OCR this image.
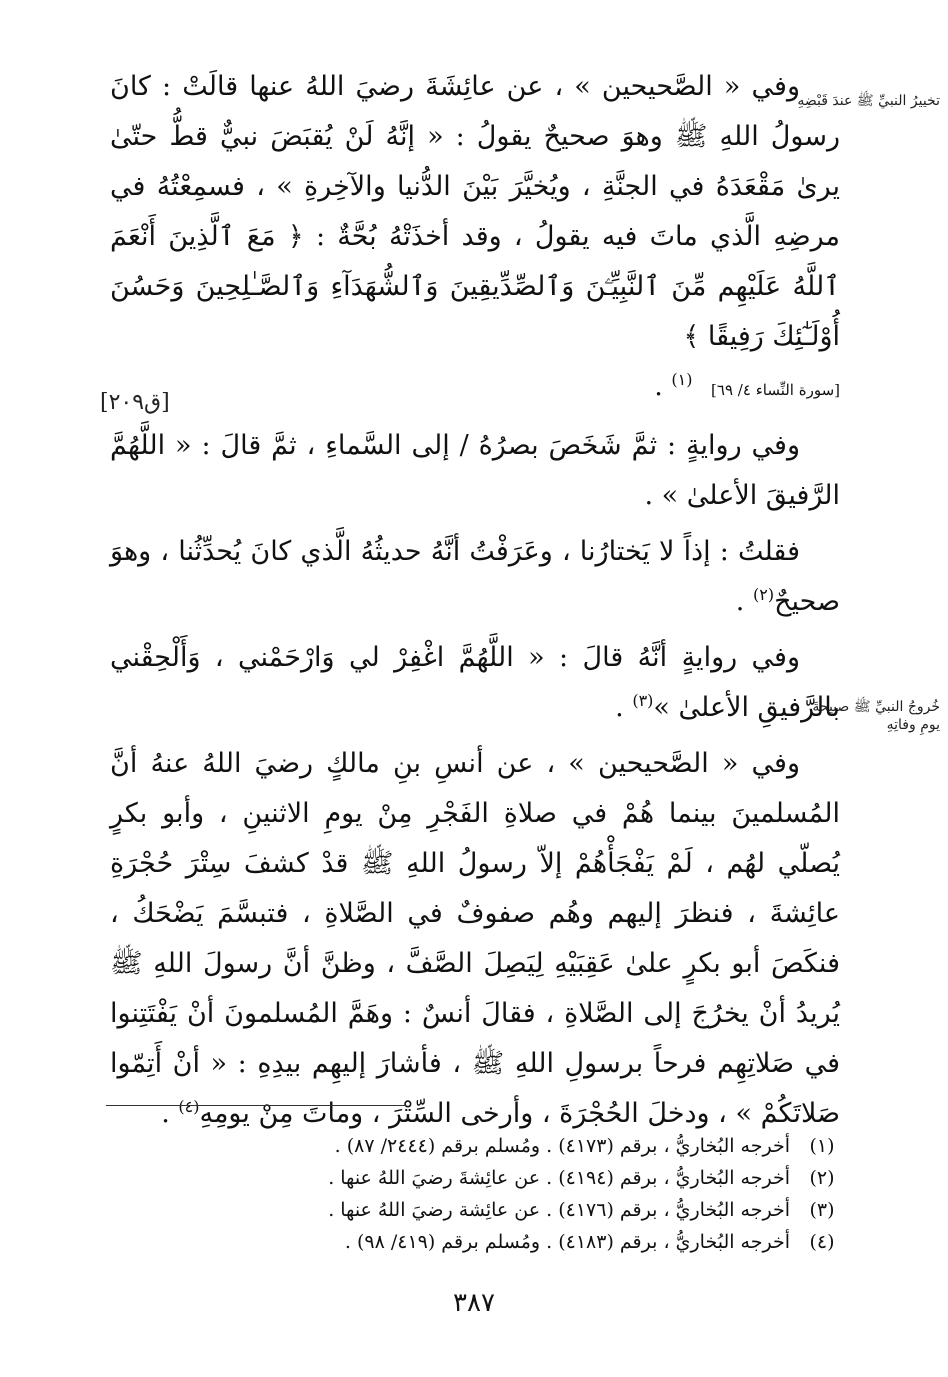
تخييرُ النبيِّ ﷺ عندَ قَبْضِهِ
خُروجُ النبيِّ ﷺ صبيحةَ يومِ وفاتِهِ
[ق٢٠٩]

وفي « الصَّحيحين » ، عن عائِشَةَ رضيَ اللهُ عنها قالَتْ : كانَ رسولُ اللهِ ﷺ وهوَ صحيحٌ يقولُ : « إنَّهُ لَنْ يُقبَضَ نبيٌّ قطُّ حتّىٰ يرىٰ مَقْعَدَهُ في الجنَّةِ ، ويُخيَّرَ بَيْنَ الدُّنيا والآخِرةِ » ، فسمِعْتُهُ في مرضِهِ الَّذي ماتَ فيه يقولُ ، وقد أخذَتْهُ بُحَّةٌ : ﴿ مَعَ ٱلَّذِينَ أَنْعَمَ ٱللَّهُ عَلَيْهِم مِّنَ ٱلنَّبِيِّـۧنَ وَٱلصِّدِّيقِينَ وَٱلشُّهَدَآءِ وَٱلصَّـٰلِحِينَ وَحَسُنَ أُوْلَـٰٓئِكَ رَفِيقًا ﴾
[سورة النِّساء ٤/ ٦٩] $^{(١)}$ .

وفي روايةٍ : ثمَّ شَخَصَ بصرُهُ / إلى السَّماءِ ، ثمَّ قالَ : « اللَّهُمَّ الرَّفيقَ الأعلىٰ » .

فقلتُ : إذاً لا يَختارُنا ، وعَرَفْتُ أنَّهُ حديثُهُ الَّذي كانَ يُحدِّثُنا ، وهوَ صحيحٌ$^{(٢)}$ .

وفي روايةٍ أنَّهُ قالَ : « اللَّهُمَّ اغْفِرْ لي وَارْحَمْني ، وَأَلْحِقْني بالرَّفيقِ الأعلىٰ »$^{(٣)}$ .

وفي « الصَّحيحين » ، عن أنسِ بنِ مالكٍ رضيَ اللهُ عنهُ أنَّ المُسلمينَ بينما هُمْ في صلاةِ الفَجْرِ مِنْ يومِ الاثنينِ ، وأبو بكرٍ يُصلّي لهُم ، لَمْ يَفْجَأْهُمْ إلاّ رسولُ اللهِ ﷺ قدْ كشفَ سِتْرَ حُجْرَةِ عائِشةَ ، فنظرَ إليهم وهُم صفوفٌ في الصَّلاةِ ، فتبسَّمَ يَضْحَكُ ، فنكَصَ أبو بكرٍ علىٰ عَقِبَيْهِ لِيَصِلَ الصَّفَّ ، وظنَّ أنَّ رسولَ اللهِ ﷺ يُريدُ أنْ يخرُجَ إلى الصَّلاةِ ، فقالَ أنسٌ : وهَمَّ المُسلمونَ أنْ يَفْتَتِنوا في صَلاتِهِم فرحاً برسولِ اللهِ ﷺ ، فأشارَ إليهِم بيدِهِ : « أنْ أَتِمّوا صَلاتَكُمْ » ، ودخلَ الحُجْرَةَ ، وأرخى السِّتْرَ ، وماتَ مِنْ يومِهِ$^{(٤)}$ .

(١)
أخرجه البُخاريُّ ، برقم (٤١٧٣) . ومُسلم برقم (٢٤٤٤/ ٨٧) .
(٢)
أخرجه البُخاريُّ ، برقم (٤١٩٤) . عن عائِشةَ رضيَ اللهُ عنها .
(٣)
أخرجه البُخاريُّ ، برقم (٤١٧٦) . عن عائِشة رضيَ اللهُ عنها .
(٤)
أخرجه البُخاريُّ ، برقم (٤١٨٣) . ومُسلم برقم (٤١٩/ ٩٨) .
٣٨٧
